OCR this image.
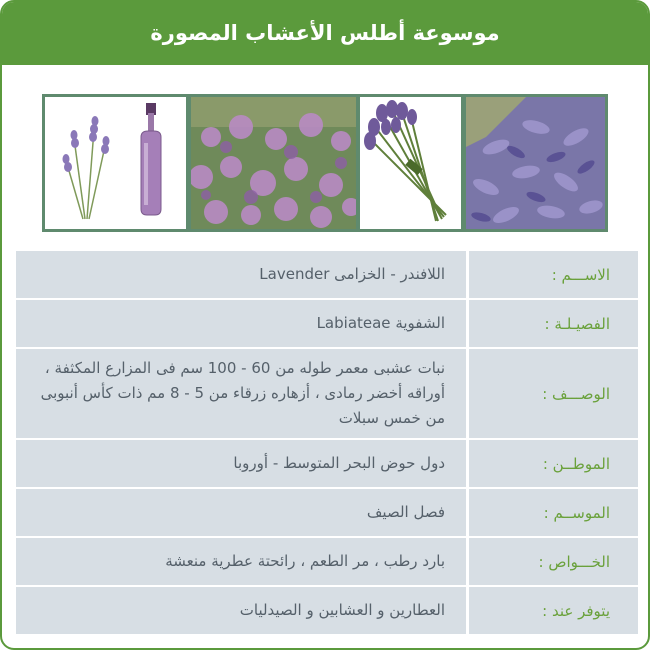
موسوعة أطلس الأعشاب المصورة
الاســـم :
اللافندر - الخزامى Lavender
الفصيـلـة :
الشفوية Labiateae
الوصـــف :
نبات عشبى معمر طوله من 60 - 100 سم فى المزارع المكثفة ، أوراقه أخضر رمادى ، أزهاره زرقاء من 5 - 8 مم ذات كأس أنبوبى من خمس سبلات
الموطــن :
دول حوض البحر المتوسط - أوروبا
الموســم :
فصل الصيف
الخـــواص :
بارد رطب ، مر الطعم ، رائحتة عطرية منعشة
يتوفر عند :
العطارين و العشابين و الصيدليات
